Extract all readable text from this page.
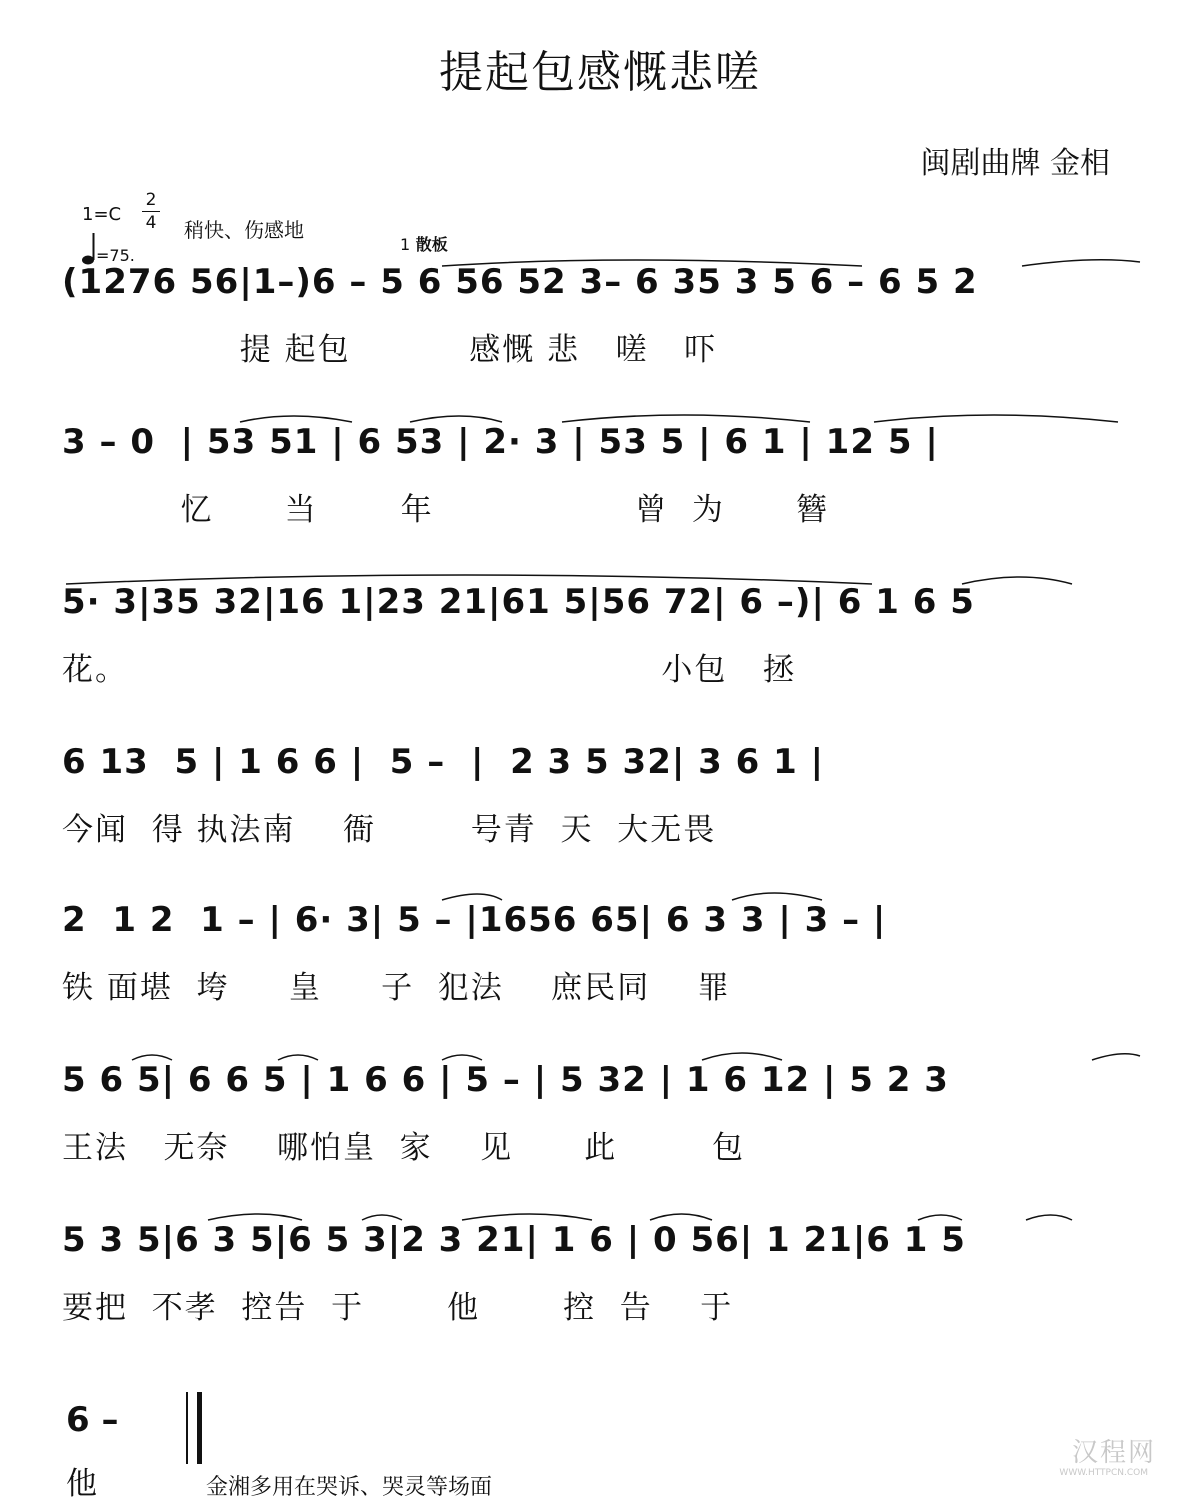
提起包感慨悲嗟
闽剧曲牌 金相
1=C
2
4 稍快、伤感地
=75.
1 散板
(1276 56|1–)6 – 5 6 56 52 3– 6 35 3 5 6 – 6 5 2
提 起包          感慨 悲   嗟   吓
3 – 0  | 53 51 | 6 53 | 2· 3 | 53 5 | 6 1 | 12 5 |
忆      当       年                 曾  为      簪
5· 3|35 32|16 1|23 21|61 5|56 72| 6 –)| 6 1 6 5
花。                                             小包   拯
6 13  5 | 1 6 6 |  5 –  |  2 3 5 32| 3 6 1 |
今闻  得 执法南    衙        号青  天  大无畏
2  1 2  1 – | 6· 3| 5 – |1656 65| 6 3 3 | 3 – |
铁 面堪  垮     皇     子  犯法    庶民同    罪
5 6 5| 6 6 5 | 1 6 6 | 5 – | 5 32 | 1 6 12 | 5 2 3
王法   无奈    哪怕皇  家    见      此        包
5 3 5|6 3 5|6 5 3|2 3 21| 1 6 | 0 56| 1 21|6 1 5
要把  不孝  控告  于       他       控  告    于
6 –
他	金湘多用在哭诉、哭灵等场面
汉程网
WWW.HTTPCN.COM
